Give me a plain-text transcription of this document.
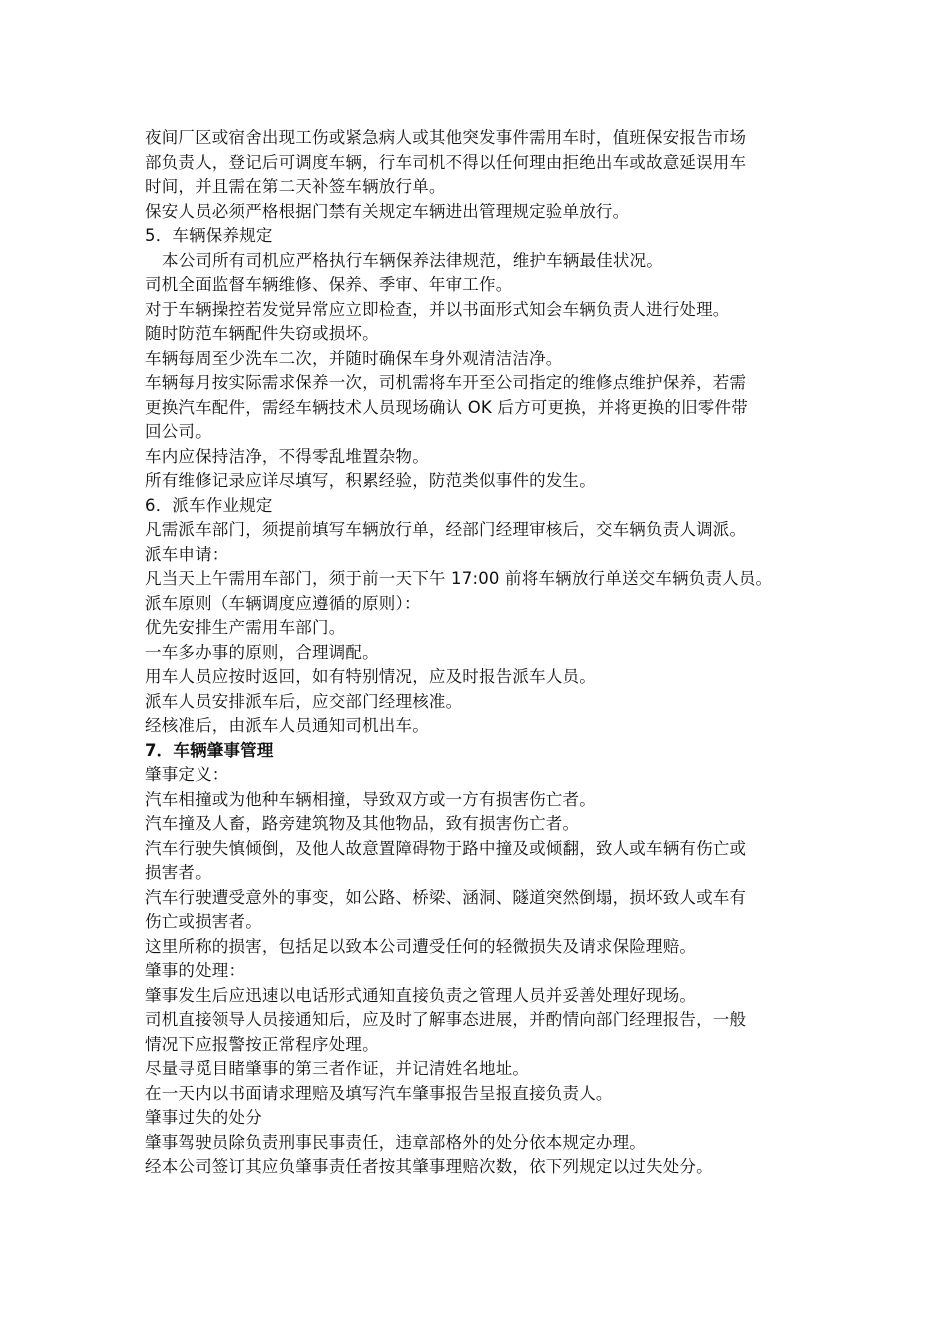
夜间厂区或宿舍出现工伤或紧急病人或其他突发事件需用车时，值班保安报告市场
部负责人，登记后可调度车辆，行车司机不得以任何理由拒绝出车或故意延误用车
时间，并且需在第二天补签车辆放行单。
保安人员必须严格根据门禁有关规定车辆进出管理规定验单放行。
5．车辆保养规定
本公司所有司机应严格执行车辆保养法律规范，维护车辆最佳状况。
司机全面监督车辆维修、保养、季审、年审工作。
对于车辆操控若发觉异常应立即检查，并以书面形式知会车辆负责人进行处理。
随时防范车辆配件失窃或损坏。
车辆每周至少洗车二次，并随时确保车身外观清洁洁净。
车辆每月按实际需求保养一次，司机需将车开至公司指定的维修点维护保养，若需
更换汽车配件，需经车辆技术人员现场确认 OK 后方可更换，并将更换的旧零件带
回公司。
车内应保持洁净，不得零乱堆置杂物。
所有维修记录应详尽填写，积累经验，防范类似事件的发生。
6．派车作业规定
凡需派车部门，须提前填写车辆放行单，经部门经理审核后，交车辆负责人调派。
派车申请：
凡当天上午需用车部门，须于前一天下午 17:00 前将车辆放行单送交车辆负责人员。
派车原则（车辆调度应遵循的原则）：
优先安排生产需用车部门。
一车多办事的原则，合理调配。
用车人员应按时返回，如有特别情况，应及时报告派车人员。
派车人员安排派车后，应交部门经理核准。
经核准后，由派车人员通知司机出车。
7．车辆肇事管理
肇事定义：
汽车相撞或为他种车辆相撞，导致双方或一方有损害伤亡者。
汽车撞及人畜，路旁建筑物及其他物品，致有损害伤亡者。
汽车行驶失慎倾倒，及他人故意置障碍物于路中撞及或倾翻，致人或车辆有伤亡或
损害者。
汽车行驶遭受意外的事变，如公路、桥梁、涵洞、隧道突然倒塌，损坏致人或车有
伤亡或损害者。
这里所称的损害，包括足以致本公司遭受任何的轻微损失及请求保险理赔。
肇事的处理：
肇事发生后应迅速以电话形式通知直接负责之管理人员并妥善处理好现场。
司机直接领导人员接通知后，应及时了解事态进展，并酌情向部门经理报告，一般
情况下应报警按正常程序处理。
尽量寻觅目睹肇事的第三者作证，并记清姓名地址。
在一天内以书面请求理赔及填写汽车肇事报告呈报直接负责人。
肇事过失的处分
肇事驾驶员除负责刑事民事责任，违章部格外的处分依本规定办理。
经本公司签订其应负肇事责任者按其肇事理赔次数，依下列规定以过失处分。
